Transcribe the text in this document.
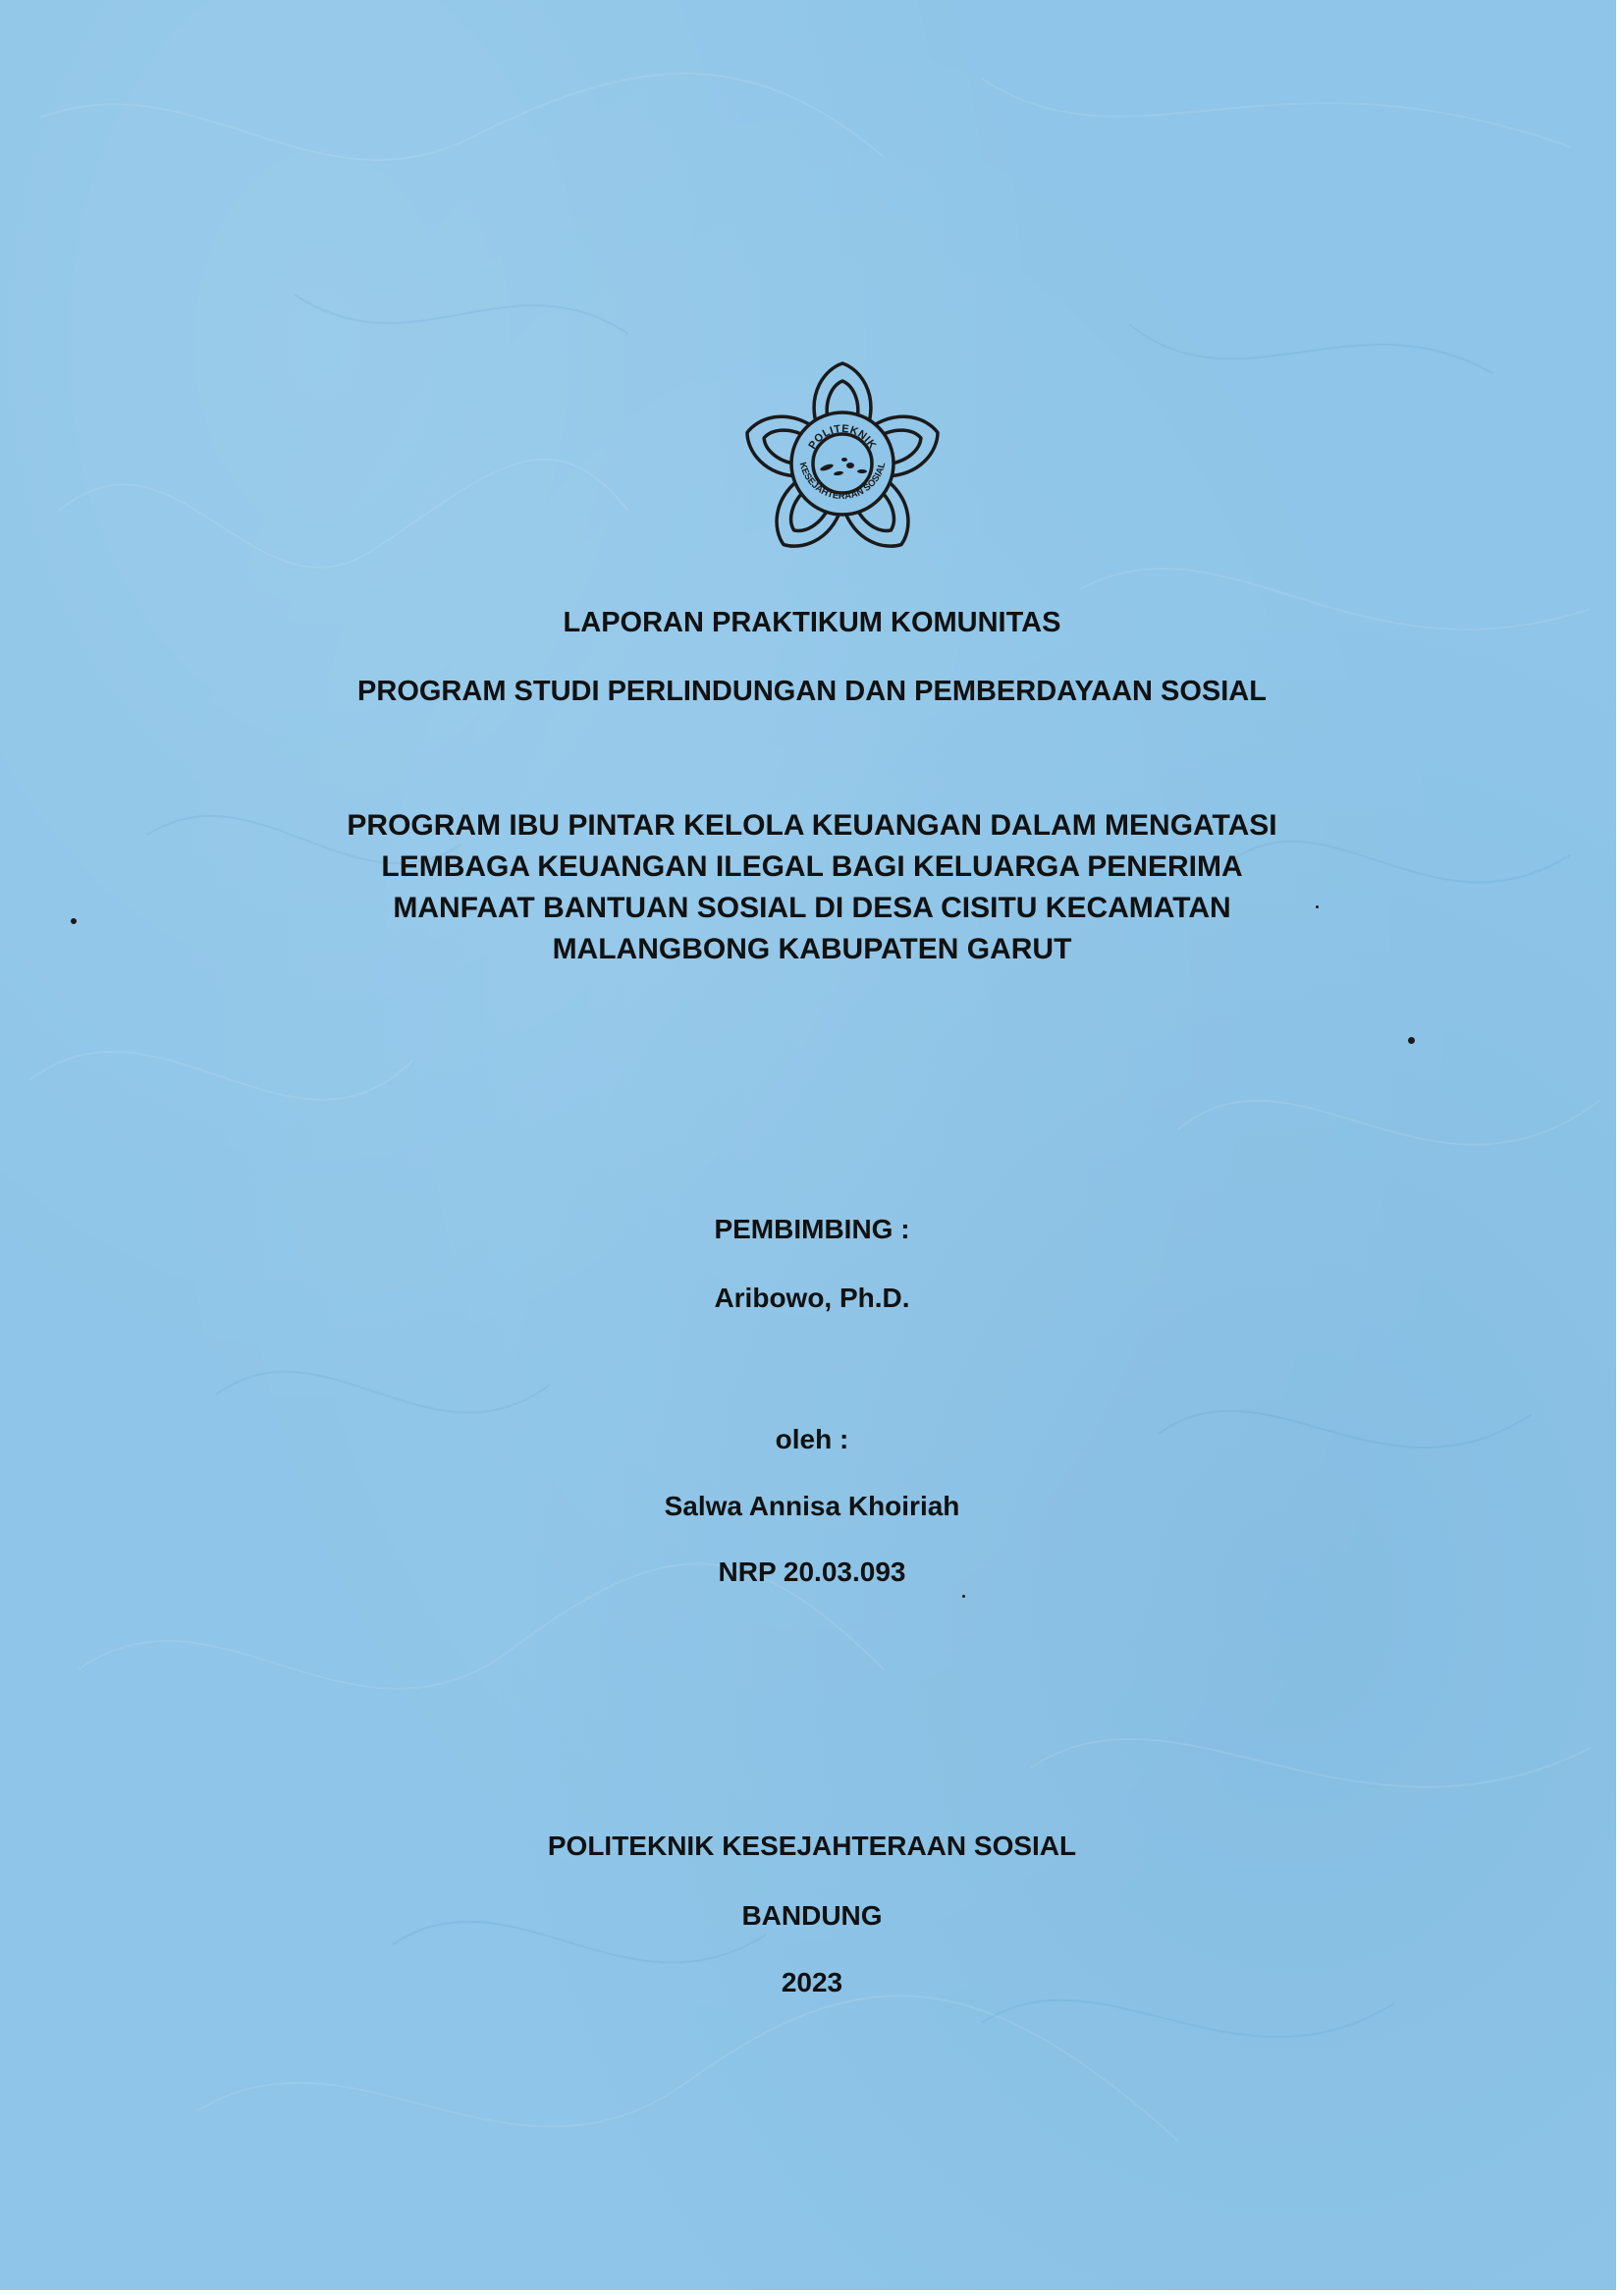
POLITEKNIK
KESEJAHTERAAN SOSIAL
LAPORAN PRAKTIKUM KOMUNITAS
PROGRAM STUDI PERLINDUNGAN DAN PEMBERDAYAAN SOSIAL
PROGRAM IBU PINTAR KELOLA KEUANGAN DALAM MENGATASI
LEMBAGA KEUANGAN ILEGAL BAGI KELUARGA PENERIMA
MANFAAT BANTUAN SOSIAL DI DESA CISITU KECAMATAN
MALANGBONG KABUPATEN GARUT
PEMBIMBING :
Aribowo, Ph.D.
oleh :
Salwa Annisa Khoiriah
NRP 20.03.093
POLITEKNIK KESEJAHTERAAN SOSIAL
BANDUNG
2023
